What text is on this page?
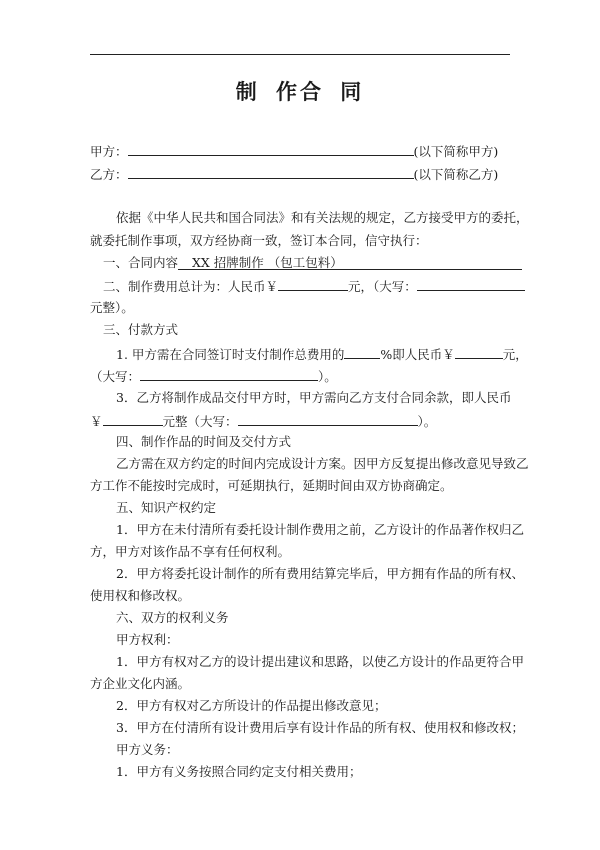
制 作合 同
甲方：	(以下简称甲方)
乙方：	(以下简称乙方)
依据《中华人民共和国合同法》和有关法规的规定，乙方接受甲方的委托，
就委托制作事项，双方经协商一致，签订本合同，信守执行：
一、合同内容 XX 招牌制作 （包工包料）
二、制作费用总计为：人民币￥	元，（大写：
元整）。
三、付款方式
1. 甲方需在合同签订时支付制作总费用的	%即人民币￥	元，
（大写：	）。
3．乙方将制作成品交付甲方时，甲方需向乙方支付合同余款，即人民币
￥	元整（大写：	）。
四、制作作品的时间及交付方式
乙方需在双方约定的时间内完成设计方案。因甲方反复提出修改意见导致乙
方工作不能按时完成时，可延期执行，延期时间由双方协商确定。
五、知识产权约定
1．甲方在未付清所有委托设计制作费用之前，乙方设计的作品著作权归乙
方，甲方对该作品不享有任何权利。
2．甲方将委托设计制作的所有费用结算完毕后，甲方拥有作品的所有权、
使用权和修改权。
六、双方的权利义务
甲方权利：
1．甲方有权对乙方的设计提出建议和思路，以使乙方设计的作品更符合甲
方企业文化内涵。
2．甲方有权对乙方所设计的作品提出修改意见；
3．甲方在付清所有设计费用后享有设计作品的所有权、使用权和修改权；
甲方义务：
1．甲方有义务按照合同约定支付相关费用；
